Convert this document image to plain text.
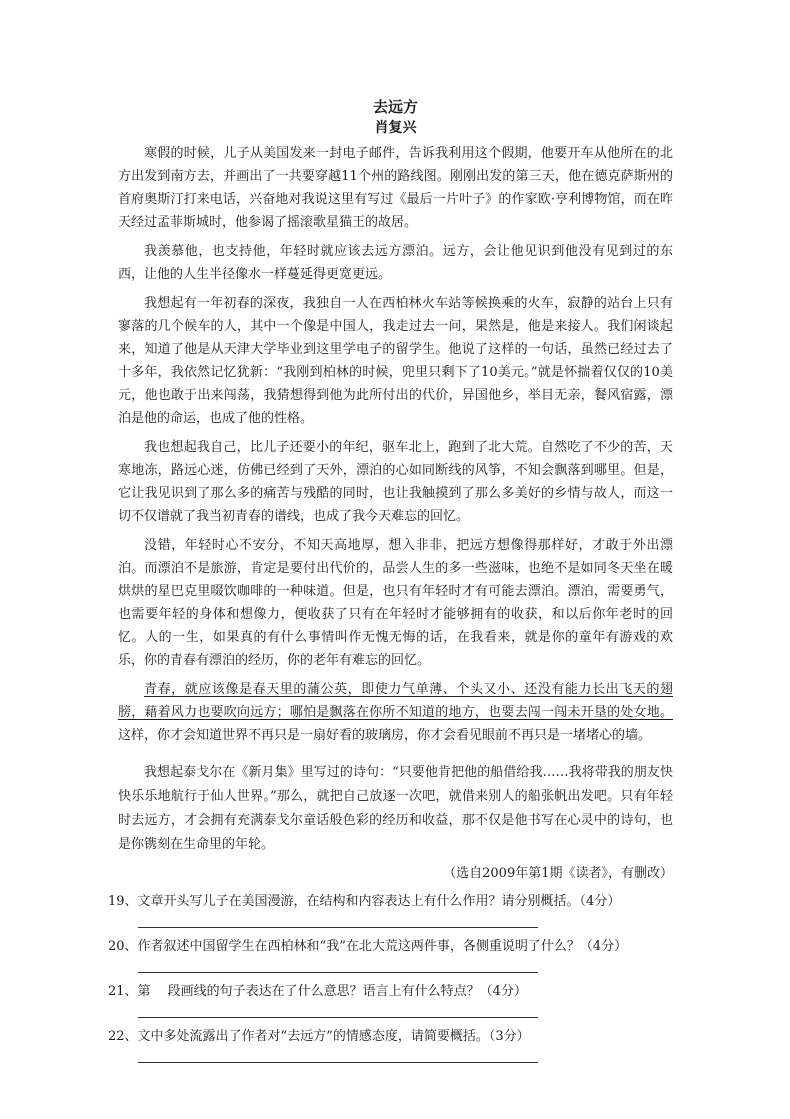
去远方
肖复兴

寒假的时候，儿子从美国发来一封电子邮件，告诉我利用这个假期，他要开车从他所在的北方出发到南方去，并画出了一共要穿越11个州的路线图。刚刚出发的第三天，他在德克萨斯州的首府奥斯汀打来电话，兴奋地对我说这里有写过《最后一片叶子》的作家欧·亨利博物馆，而在昨天经过孟菲斯城时，他参谒了摇滚歌星猫王的故居。

我羡慕他，也支持他，年轻时就应该去远方漂泊。远方，会让他见识到他没有见到过的东西，让他的人生半径像水一样蔓延得更宽更远。

我想起有一年初春的深夜，我独自一人在西柏林火车站等候换乘的火车，寂静的站台上只有寥落的几个候车的人，其中一个像是中国人，我走过去一问，果然是，他是来接人。我们闲谈起来，知道了他是从天津大学毕业到这里学电子的留学生。他说了这样的一句话，虽然已经过去了十多年，我依然记忆犹新：“我刚到柏林的时候，兜里只剩下了10美元。”就是怀揣着仅仅的10美元，他也敢于出来闯荡，我猜想得到他为此所付出的代价，异国他乡，举目无亲，餐风宿露，漂泊是他的命运，也成了他的性格。

我也想起我自己，比儿子还要小的年纪，驱车北上，跑到了北大荒。自然吃了不少的苦，天寒地冻，路远心迷，仿佛已经到了天外，漂泊的心如同断线的风筝，不知会飘落到哪里。但是，它让我见识到了那么多的痛苦与残酷的同时，也让我触摸到了那么多美好的乡情与故人，而这一切不仅谱就了我当初青春的谱线，也成了我今天难忘的回忆。

没错，年轻时心不安分，不知天高地厚，想入非非，把远方想像得那样好，才敢于外出漂泊。而漂泊不是旅游，肯定是要付出代价的，品尝人生的多一些滋味，也绝不是如同冬天坐在暖烘烘的星巴克里啜饮咖啡的一种味道。但是，也只有年轻时才有可能去漂泊。漂泊，需要勇气，也需要年轻的身体和想像力，便收获了只有在年轻时才能够拥有的收获，和以后你年老时的回忆。人的一生，如果真的有什么事情叫作无愧无悔的话，在我看来，就是你的童年有游戏的欢乐，你的青春有漂泊的经历，你的老年有难忘的回忆。

青春，就应该像是春天里的蒲公英，即使力气单薄、个头又小、还没有能力长出飞天的翅膀，藉着风力也要吹向远方；哪怕是飘落在你所不知道的地方，也要去闯一闯未开垦的处女地。这样，你才会知道世界不再只是一扇好看的玻璃房，你才会看见眼前不再只是一堵堵心的墙。

我想起泰戈尔在《新月集》里写过的诗句：“只要他肯把他的船借给我……我将带我的朋友快快乐乐地航行于仙人世界。”那么，就把自己放逐一次吧，就借来别人的船张帆出发吧。只有年轻时去远方，才会拥有充满泰戈尔童话般色彩的经历和收益，那不仅是他书写在心灵中的诗句，也是你镌刻在生命里的年轮。

（选自2009年第1期《读者》，有删改）

19、文章开头写儿子在美国漫游，在结构和内容表达上有什么作用？请分别概括。（4分）
20、作者叙述中国留学生在西柏林和“我”在北大荒这两件事，各侧重说明了什么？（4分）
21、第　 段画线的句子表达在了什么意思？语言上有什么特点？（4分）
22、文中多处流露出了作者对“去远方”的情感态度，请简要概括。（3分）
